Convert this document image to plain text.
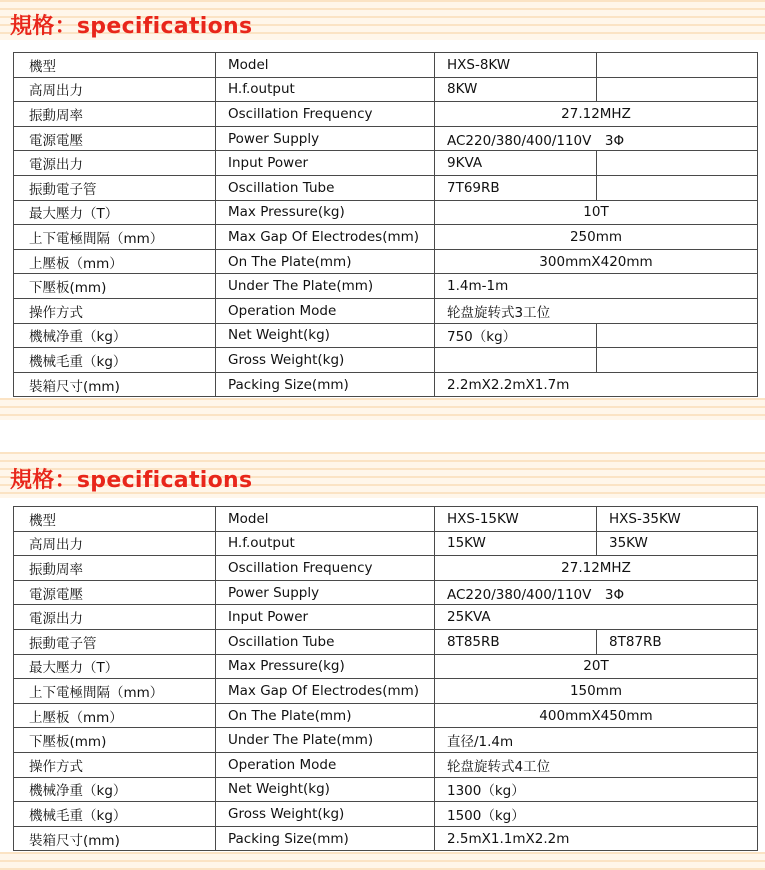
規格：specifications
機型	Model	HXS-8KW	
高周出力	H.f.output	8KW	
振動周率	Oscillation Frequency	27.12MHZ	
電源電壓	Power Supply	AC220/380/400/110V　3Φ	
電源出力	Input Power	9KVA	
振動電子管	Oscillation Tube	7T69RB	
最大壓力（T）	Max Pressure(kg)	10T	
上下電極間隔（mm）	Max Gap Of Electrodes(mm)	250mm	
上壓板（mm）	On The Plate(mm)	300mmX420mm	
下壓板(mm)	Under The Plate(mm)	1.4m-1m	
操作方式	Operation Mode	轮盘旋转式3工位	
機械净重（kg）	Net Weight(kg)	750（kg）	
機械毛重（kg）	Gross Weight(kg)		
裝箱尺寸(mm)	Packing Size(mm)	2.2mX2.2mX1.7m	
規格：specifications
機型	Model	HXS-15KW	HXS-35KW
高周出力	H.f.output	15KW	35KW
振動周率	Oscillation Frequency	27.12MHZ	
電源電壓	Power Supply	AC220/380/400/110V　3Φ	
電源出力	Input Power	25KVA	
振動電子管	Oscillation Tube	8T85RB	8T87RB
最大壓力（T）	Max Pressure(kg)	20T	
上下電極間隔（mm）	Max Gap Of Electrodes(mm)	150mm	
上壓板（mm）	On The Plate(mm)	400mmX450mm	
下壓板(mm)	Under The Plate(mm)	直径/1.4m	
操作方式	Operation Mode	轮盘旋转式4工位	
機械净重（kg）	Net Weight(kg)	1300（kg）	
機械毛重（kg）	Gross Weight(kg)	1500（kg）	
裝箱尺寸(mm)	Packing Size(mm)	2.5mX1.1mX2.2m	
